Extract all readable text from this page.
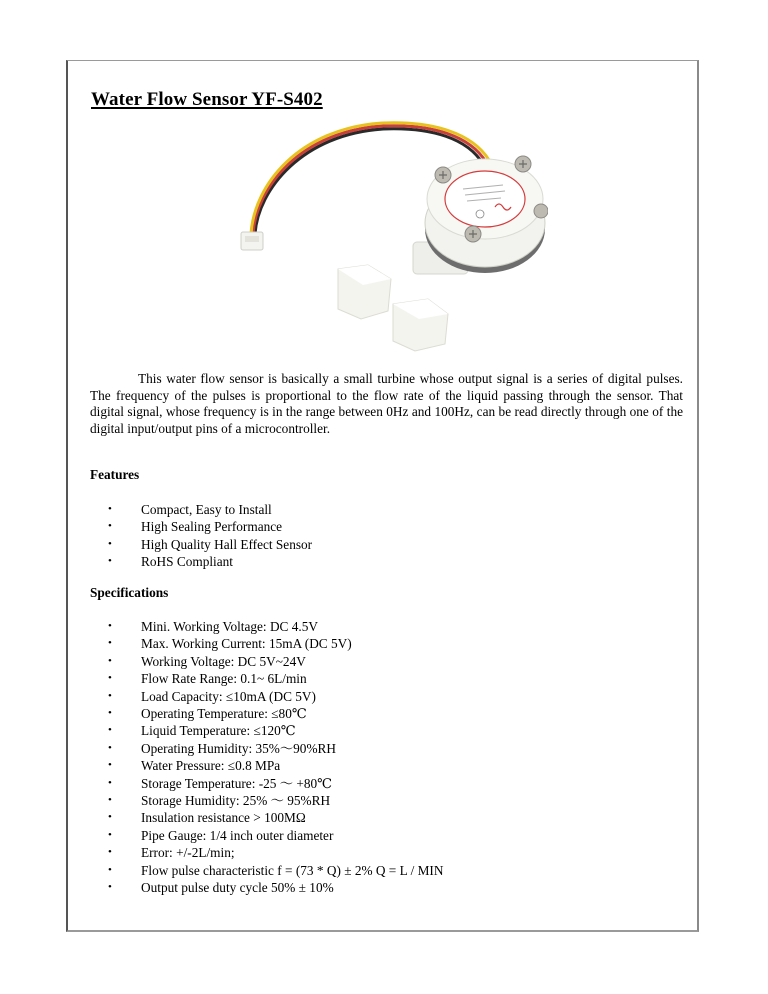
Water Flow Sensor YF-S402

This water flow sensor is basically a small turbine whose output signal is a series of digital pulses. The frequency of the pulses is proportional to the flow rate of the liquid passing through the sensor. That digital signal, whose frequency is in the range between 0Hz and 100Hz, can be read directly through one of the digital input/output pins of a microcontroller.

Features
• Compact, Easy to Install
• High Sealing Performance
• High Quality Hall Effect Sensor
• RoHS Compliant
Specifications
• Mini. Working Voltage: DC 4.5V
• Max. Working Current: 15mA (DC 5V)
• Working Voltage: DC 5V~24V
• Flow Rate Range: 0.1~ 6L/min
• Load Capacity: ≤10mA (DC 5V)
• Operating Temperature: ≤80℃
• Liquid Temperature: ≤120℃
• Operating Humidity: 35%～90%RH
• Water Pressure: ≤0.8 MPa
• Storage Temperature: -25 ～ +80℃
• Storage Humidity: 25% ～ 95%RH
• Insulation resistance > 100MΩ
• Pipe Gauge: 1/4 inch outer diameter
• Error: +/-2L/min;
• Flow pulse characteristic f = (73 * Q) ± 2% Q = L / MIN
• Output pulse duty cycle 50% ± 10%
